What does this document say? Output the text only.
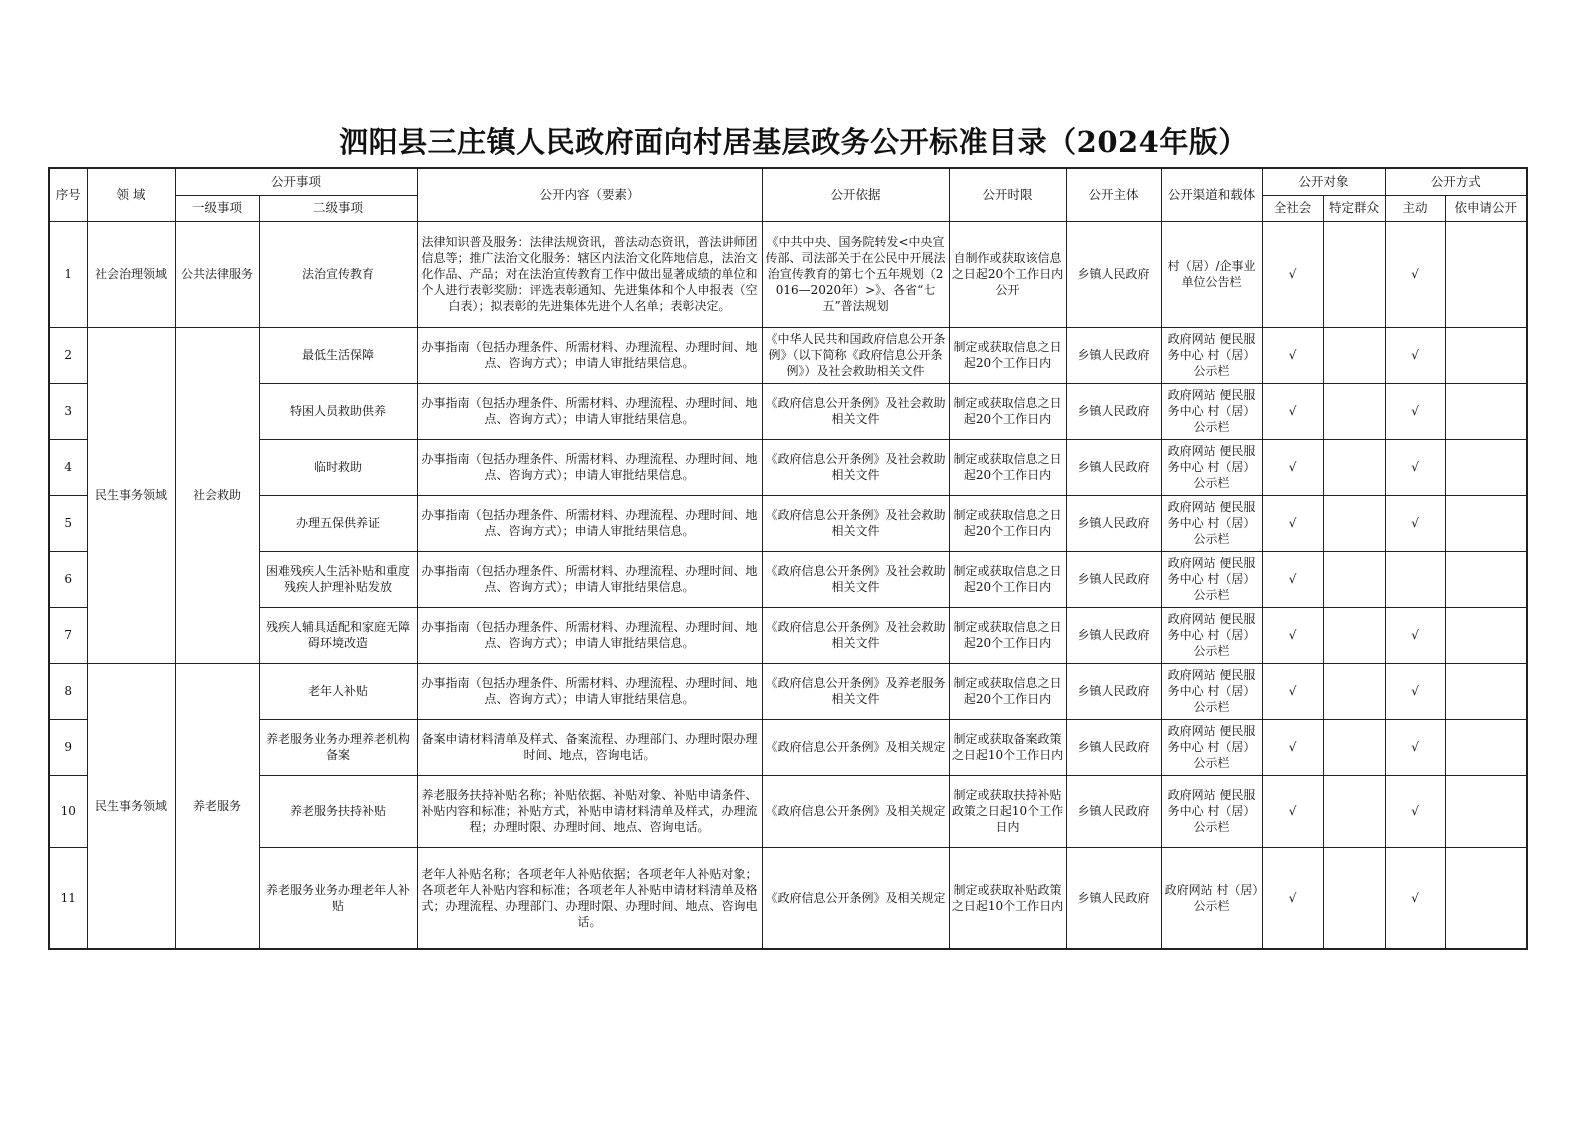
泗阳县三庄镇人民政府面向村居基层政务公开标准目录（2024年版）
序号	领 域	公开事项		公开内容（要素）	公开依据	公开时限	公开主体	公开渠道和载体	公开对象		公开方式	
		一级事项	二级事项						全社会	特定群众	主动	依申请公开
1	社会治理领域	公共法律服务	法治宣传教育	法律知识普及服务：法律法规资讯，普法动态资讯，普法讲师团信息等；推广法治文化服务：辖区内法治文化阵地信息，法治文化作品、产品；对在法治宣传教育工作中做出显著成绩的单位和个人进行表彰奖励：评选表彰通知、先进集体和个人申报表（空白表）；拟表彰的先进集体先进个人名单；表彰决定。	《中共中央、国务院转发<中央宣传部、司法部关于在公民中开展法治宣传教育的第七个五年规划（2016—2020年）>》、各省“七五”普法规划	自制作或获取该信息之日起20个工作日内公开	乡镇人民政府	村（居）/企事业单位公告栏	√		√	
2	民生事务领域	社会救助	最低生活保障	办事指南（包括办理条件、所需材料、办理流程、办理时间、地点、咨询方式）；申请人审批结果信息。	《中华人民共和国政府信息公开条例》（以下简称《政府信息公开条例》）及社会救助相关文件	制定或获取信息之日起20个工作日内	乡镇人民政府	政府网站 便民服务中心 村（居）公示栏	√		√	
3			特困人员救助供养	办事指南（包括办理条件、所需材料、办理流程、办理时间、地点、咨询方式）；申请人审批结果信息。	《政府信息公开条例》及社会救助相关文件	制定或获取信息之日起20个工作日内	乡镇人民政府	政府网站 便民服务中心 村（居）公示栏	√		√	
4			临时救助	办事指南（包括办理条件、所需材料、办理流程、办理时间、地点、咨询方式）；申请人审批结果信息。	《政府信息公开条例》及社会救助相关文件	制定或获取信息之日起20个工作日内	乡镇人民政府	政府网站 便民服务中心 村（居）公示栏	√		√	
5			办理五保供养证	办事指南（包括办理条件、所需材料、办理流程、办理时间、地点、咨询方式）；申请人审批结果信息。	《政府信息公开条例》及社会救助相关文件	制定或获取信息之日起20个工作日内	乡镇人民政府	政府网站 便民服务中心 村（居）公示栏	√		√	
6			困难残疾人生活补贴和重度残疾人护理补贴发放	办事指南（包括办理条件、所需材料、办理流程、办理时间、地点、咨询方式）；申请人审批结果信息。	《政府信息公开条例》及社会救助相关文件	制定或获取信息之日起20个工作日内	乡镇人民政府	政府网站 便民服务中心 村（居）公示栏	√			
7			残疾人辅具适配和家庭无障碍环境改造	办事指南（包括办理条件、所需材料、办理流程、办理时间、地点、咨询方式）；申请人审批结果信息。	《政府信息公开条例》及社会救助相关文件	制定或获取信息之日起20个工作日内	乡镇人民政府	政府网站 便民服务中心 村（居）公示栏	√		√	
8	民生事务领域	养老服务	老年人补贴	办事指南（包括办理条件、所需材料、办理流程、办理时间、地点、咨询方式）；申请人审批结果信息。	《政府信息公开条例》及养老服务相关文件	制定或获取信息之日起20个工作日内	乡镇人民政府	政府网站 便民服务中心 村（居）公示栏	√		√	
9			养老服务业务办理养老机构备案	备案申请材料清单及样式、备案流程、办理部门、办理时限办理时间、地点，咨询电话。	《政府信息公开条例》及相关规定	制定或获取备案政策之日起10个工作日内	乡镇人民政府	政府网站 便民服务中心 村（居）公示栏	√		√	
10			养老服务扶持补贴	养老服务扶持补贴名称；补贴依据、补贴对象、补贴申请条件、补贴内容和标准；补贴方式，补贴申请材料清单及样式，办理流程；办理时限、办理时间、地点、咨询电话。	《政府信息公开条例》及相关规定	制定或获取扶持补贴政策之日起10个工作日内	乡镇人民政府	政府网站 便民服务中心 村（居）公示栏	√		√	
11			养老服务业务办理老年人补贴	老年人补贴名称；各项老年人补贴依据；各项老年人补贴对象；各项老年人补贴内容和标准；各项老年人补贴申请材料清单及格式；办理流程、办理部门、办理时限、办理时间、地点、咨询电话。	《政府信息公开条例》及相关规定	制定或获取补贴政策之日起10个工作日内	乡镇人民政府	政府网站 村（居）公示栏	√		√	
